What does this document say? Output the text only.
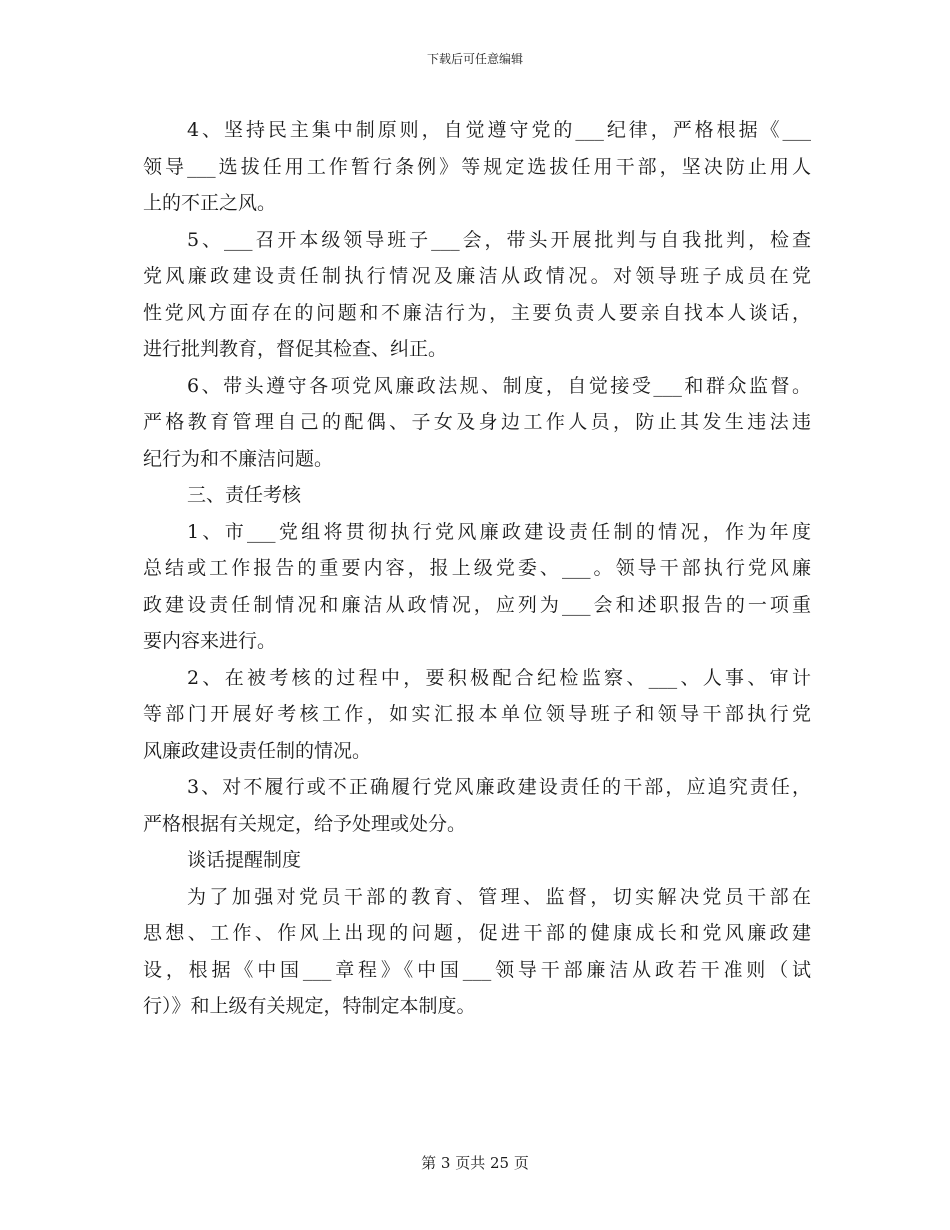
下载后可任意编辑
4、坚持民主集中制原则，自觉遵守党的___纪律，严格根据《___
领导___选拔任用工作暂行条例》等规定选拔任用干部，坚决防止用人
上的不正之风。
5、___召开本级领导班子___会，带头开展批判与自我批判，检查
党风廉政建设责任制执行情况及廉洁从政情况。对领导班子成员在党
性党风方面存在的问题和不廉洁行为，主要负责人要亲自找本人谈话，
进行批判教育，督促其检查、纠正。
6、带头遵守各项党风廉政法规、制度，自觉接受___和群众监督。
严格教育管理自己的配偶、子女及身边工作人员，防止其发生违法违
纪行为和不廉洁问题。
三、责任考核
1、市___党组将贯彻执行党风廉政建设责任制的情况，作为年度
总结或工作报告的重要内容，报上级党委、___。领导干部执行党风廉
政建设责任制情况和廉洁从政情况，应列为___会和述职报告的一项重
要内容来进行。
2、在被考核的过程中，要积极配合纪检监察、___、人事、审计
等部门开展好考核工作，如实汇报本单位领导班子和领导干部执行党
风廉政建设责任制的情况。
3、对不履行或不正确履行党风廉政建设责任的干部，应追究责任，
严格根据有关规定，给予处理或处分。
谈话提醒制度
为了加强对党员干部的教育、管理、监督，切实解决党员干部在
思想、工作、作风上出现的问题，促进干部的健康成长和党风廉政建
设，根据《中国___章程》《中国___领导干部廉洁从政若干准则（试
行）》和上级有关规定，特制定本制度。
第 3 页共 25 页
